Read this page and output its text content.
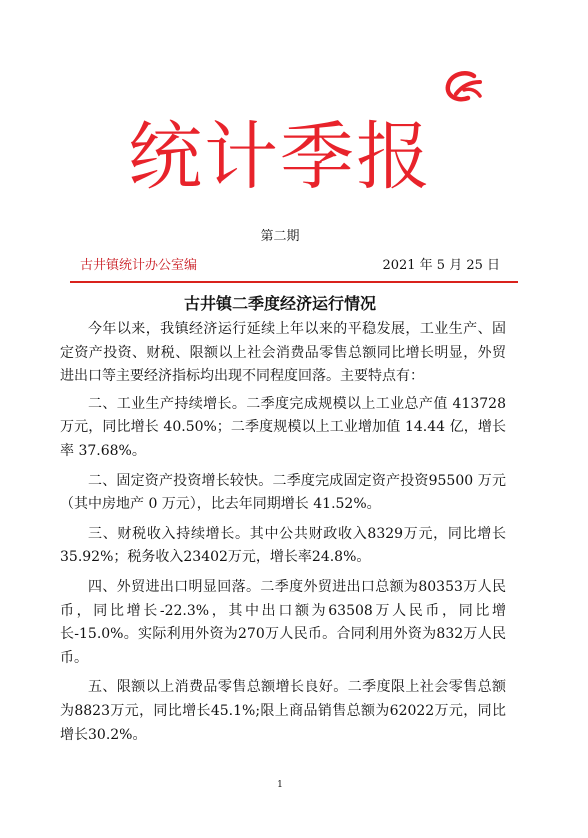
统计季报
第二期
古井镇统计办公室编	2021 年 5 月 25 日
古井镇二季度经济运行情况

今年以来，我镇经济运行延续上年以来的平稳发展，工业生产、固定资产投资、财税、限额以上社会消费品零售总额同比增长明显，外贸进出口等主要经济指标均出现不同程度回落。主要特点有：

二、工业生产持续增长。二季度完成规模以上工业总产值 413728 万元，同比增长 40.50%；二季度规模以上工业增加值 14.44 亿，增长率 37.68%。

二、固定资产投资增长较快。二季度完成固定资产投资95500 万元（其中房地产 0 万元），比去年同期增长 41.52%。

三、财税收入持续增长。其中公共财政收入8329万元，同比增长35.92%；税务收入23402万元，增长率24.8%。

四、外贸进出口明显回落。二季度外贸进出口总额为80353万人民币，同比增长-22.3%，其中出口额为63508万人民币，同比增长-15.0%。实际利用外资为270万人民币。合同利用外资为832万人民币。

五、限额以上消费品零售总额增长良好。二季度限上社会零售总额为8823万元，同比增长45.1%;限上商品销售总额为62022万元，同比增长30.2%。

1
